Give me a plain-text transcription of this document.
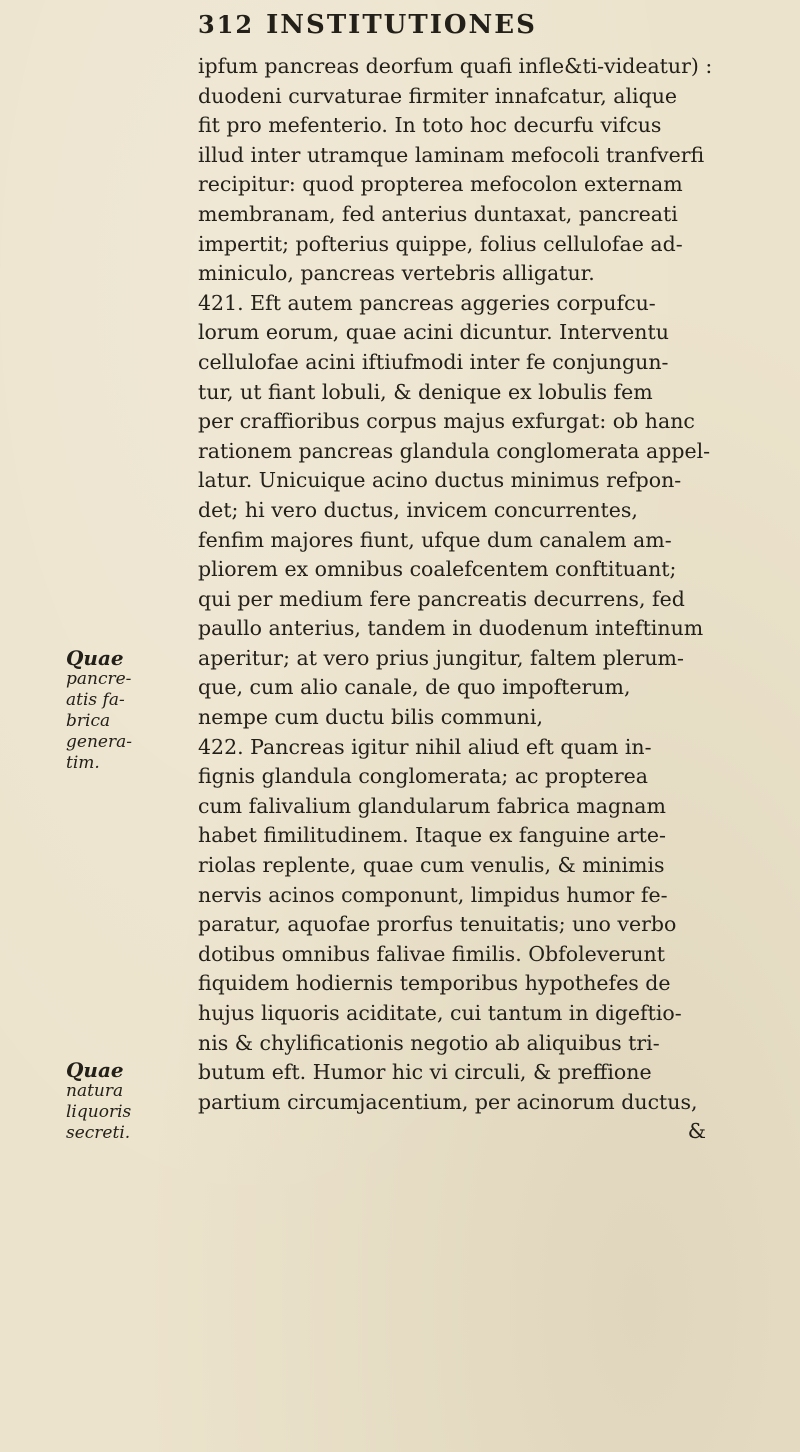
312 INSTITUTIONES
Quae
pancre-
atis fa-
brica
genera-
tim.
Quae
natura
liquoris
secreti.
ipfum pancreas deorfum quafi infle&ti-videatur) :
duodeni curvaturae firmiter innafcatur, alique
fit pro mefenterio. In toto hoc decurfu vifcus
illud inter utramque laminam mefocoli tranfverfi
recipitur: quod propterea mefocolon externam
membranam, fed anterius duntaxat, pancreati
impertit; pofterius quippe, folius cellulofae ad-
miniculo, pancreas vertebris alligatur.
421. Eft autem pancreas aggeries corpufcu-
lorum eorum, quae acini dicuntur. Interventu
cellulofae acini iftiufmodi inter fe conjungun-
tur, ut fiant lobuli, & denique ex lobulis fem
per craffioribus corpus majus exfurgat: ob hanc
rationem pancreas glandula conglomerata appel-
latur. Unicuique acino ductus minimus refpon-
det; hi vero ductus, invicem concurrentes,
fenfim majores fiunt, ufque dum canalem am-
pliorem ex omnibus coalefcentem conftituant;
qui per medium fere pancreatis decurrens, fed
paullo anterius, tandem in duodenum inteftinum
aperitur; at vero prius jungitur, faltem plerum-
que, cum alio canale, de quo impofterum,
nempe cum ductu bilis communi,
422. Pancreas igitur nihil aliud eft quam in-
fignis glandula conglomerata; ac propterea
cum falivalium glandularum fabrica magnam
habet fimilitudinem. Itaque ex fanguine arte-
riolas replente, quae cum venulis, & minimis
nervis acinos componunt, limpidus humor fe-
paratur, aquofae prorfus tenuitatis; uno verbo
dotibus omnibus falivae fimilis. Obfoleverunt
fiquidem hodiernis temporibus hypothefes de
hujus liquoris aciditate, cui tantum in digeftio-
nis & chylificationis negotio ab aliquibus tri-
butum eft. Humor hic vi circuli, & preffione
partium circumjacentium, per acinorum ductus,
&
